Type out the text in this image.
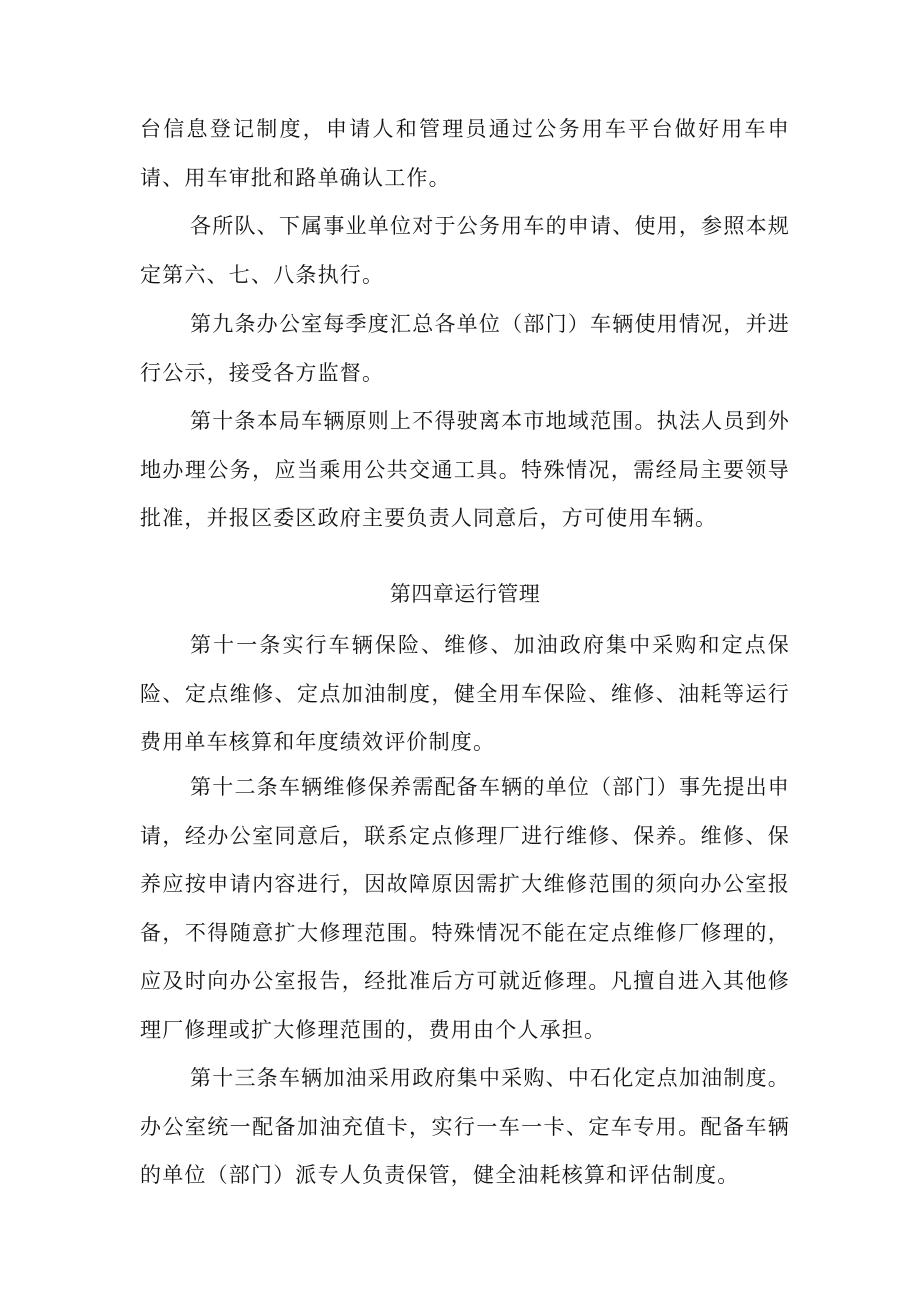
台信息登记制度，申请人和管理员通过公务用车平台做好用车申请、用车审批和路单确认工作。

各所队、下属事业单位对于公务用车的申请、使用，参照本规定第六、七、八条执行。

第九条办公室每季度汇总各单位（部门）车辆使用情况，并进行公示，接受各方监督。

第十条本局车辆原则上不得驶离本市地域范围。执法人员到外地办理公务，应当乘用公共交通工具。特殊情况，需经局主要领导批准，并报区委区政府主要负责人同意后，方可使用车辆。

第四章运行管理

第十一条实行车辆保险、维修、加油政府集中采购和定点保险、定点维修、定点加油制度，健全用车保险、维修、油耗等运行费用单车核算和年度绩效评价制度。

第十二条车辆维修保养需配备车辆的单位（部门）事先提出申请，经办公室同意后，联系定点修理厂进行维修、保养。维修、保养应按申请内容进行，因故障原因需扩大维修范围的须向办公室报备，不得随意扩大修理范围。特殊情况不能在定点维修厂修理的，应及时向办公室报告，经批准后方可就近修理。凡擅自进入其他修理厂修理或扩大修理范围的，费用由个人承担。

第十三条车辆加油采用政府集中采购、中石化定点加油制度。办公室统一配备加油充值卡，实行一车一卡、定车专用。配备车辆的单位（部门）派专人负责保管，健全油耗核算和评估制度。
